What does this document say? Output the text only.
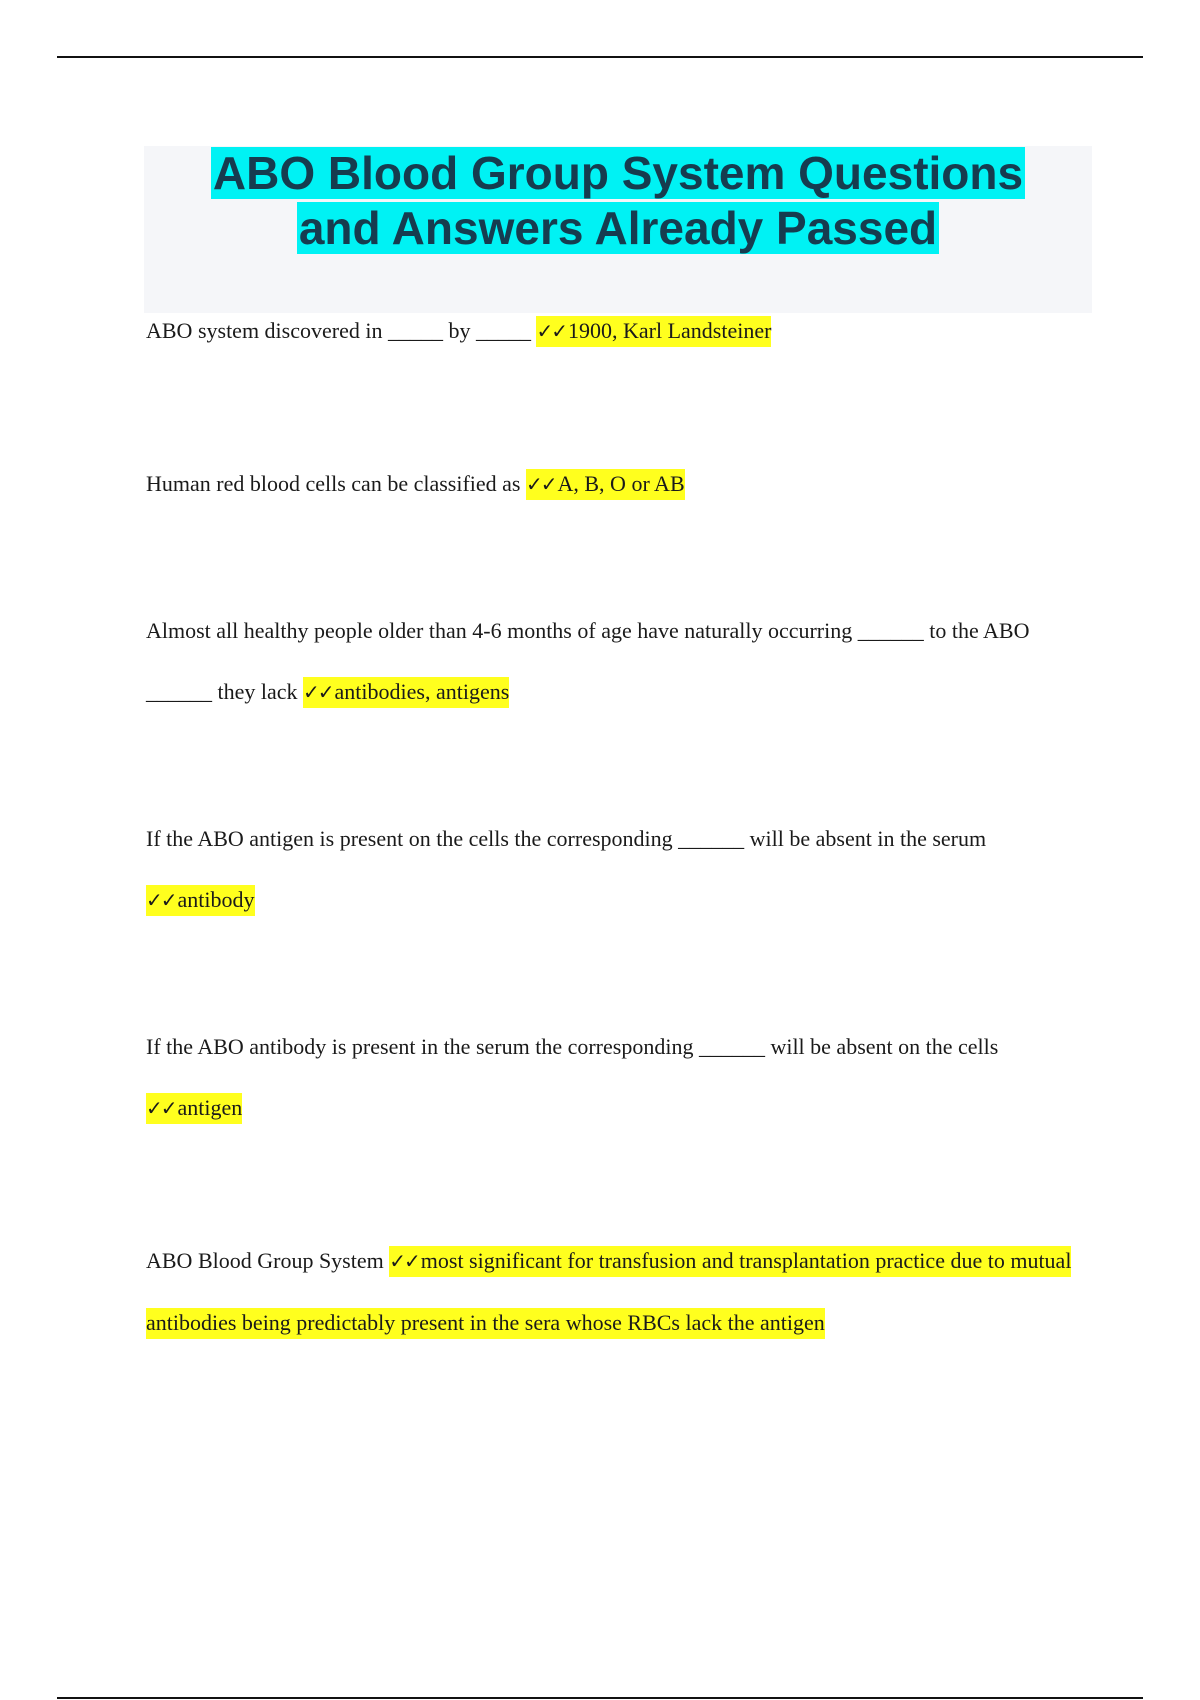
ABO Blood Group System Questions
and Answers Already Passed

ABO system discovered in _____ by _____ ✓✓1900, Karl Landsteiner

Human red blood cells can be classified as ✓✓A, B, O or AB

Almost all healthy people older than 4-6 months of age have naturally occurring ______ to the ABO ______ they lack ✓✓antibodies, antigens

If the ABO antigen is present on the cells the corresponding ______ will be absent in the serum ✓✓antibody

If the ABO antibody is present in the serum the corresponding ______ will be absent on the cells ✓✓antigen

ABO Blood Group System ✓✓most significant for transfusion and transplantation practice due to mutual antibodies being predictably present in the sera whose RBCs lack the antigen
